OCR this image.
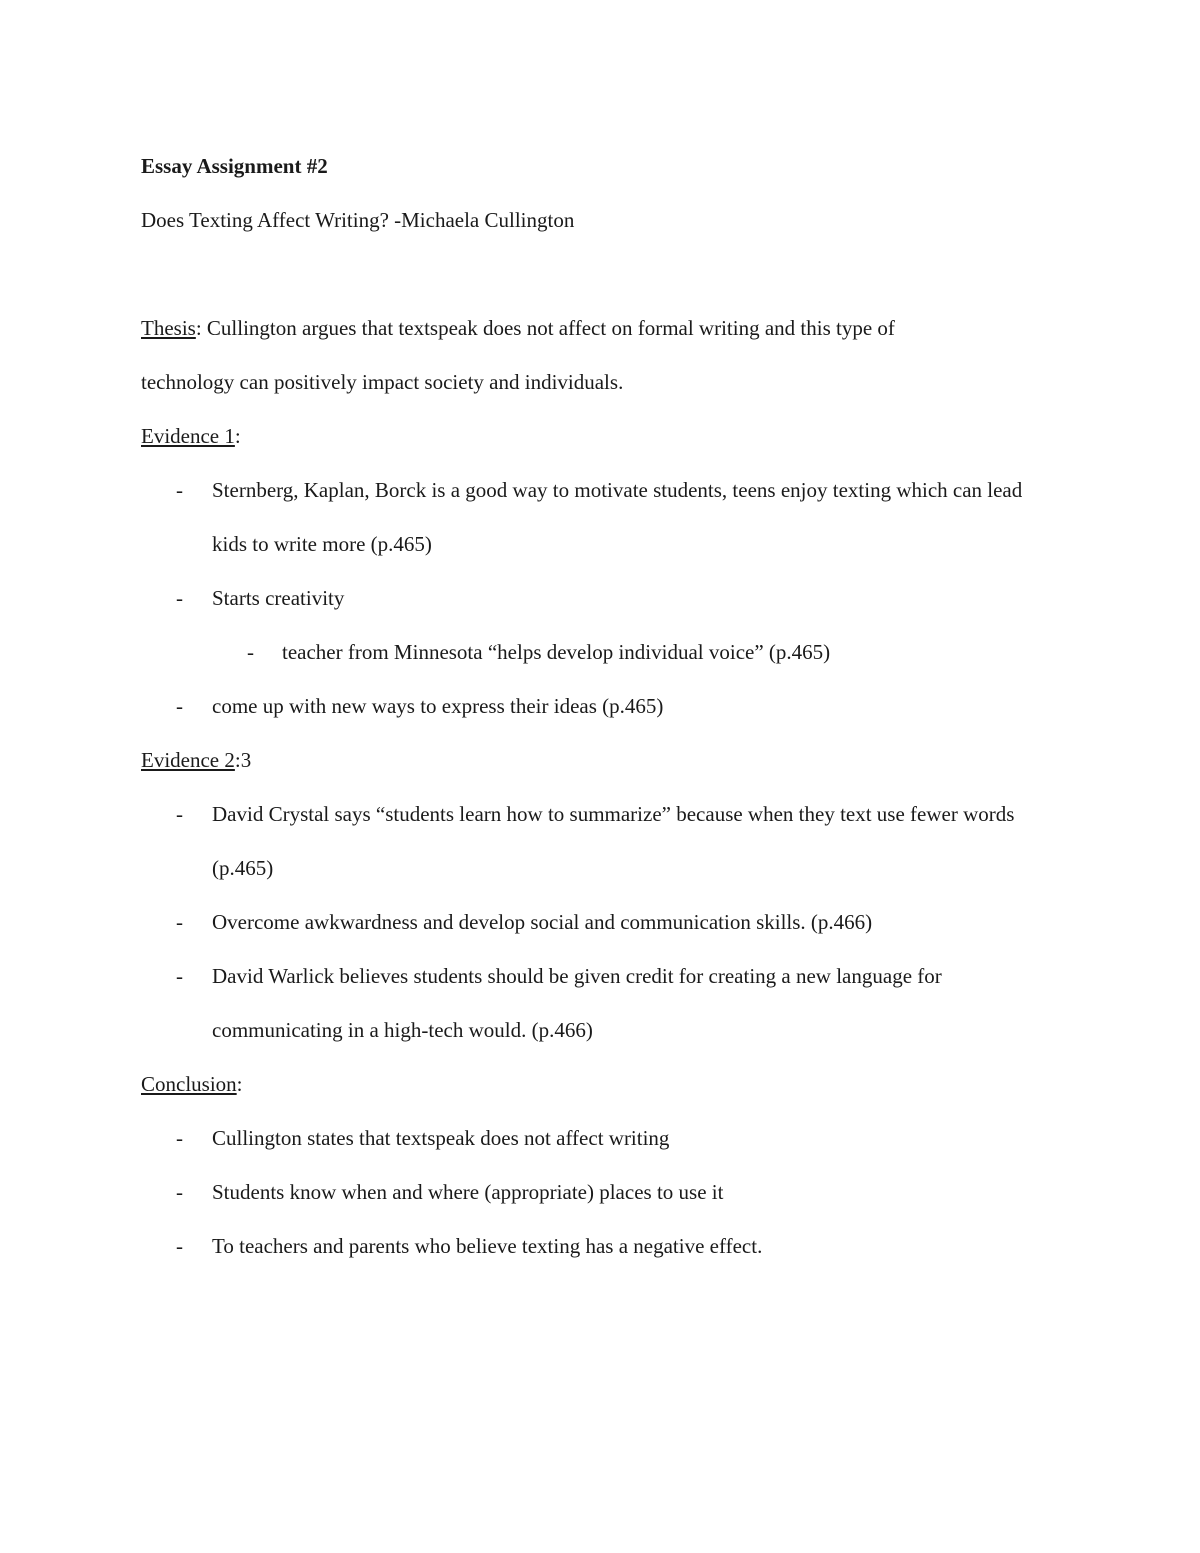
Essay Assignment #2

Does Texting Affect Writing? -Michaela Cullington

Thesis: Cullington argues that textspeak does not affect on formal writing and this type of

technology can positively impact society and individuals.

Evidence 1:

- Sternberg, Kaplan, Borck is a good way to motivate students, teens enjoy texting which can lead kids to write more (p.465)
- Starts creativity
- teacher from Minnesota “helps develop individual voice” (p.465)
- come up with new ways to express their ideas (p.465)

Evidence 2:3

- David Crystal says “students learn how to summarize” because when they text use fewer words (p.465)
- Overcome awkwardness and develop social and communication skills. (p.466)
- David Warlick believes students should be given credit for creating a new language for communicating in a high-tech would. (p.466)

Conclusion:

- Cullington states that textspeak does not affect writing
- Students know when and where (appropriate) places to use it
- To teachers and parents who believe texting has a negative effect.
